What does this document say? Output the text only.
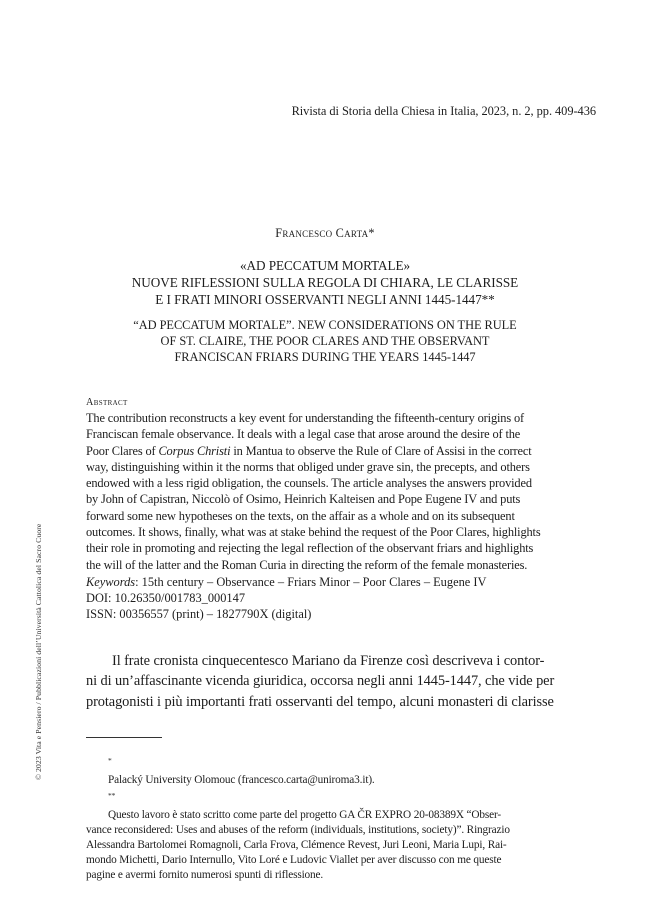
Rivista di Storia della Chiesa in Italia, 2023, n. 2, pp. 409-436
Francesco Carta*
«AD PECCATUM MORTALE»
NUOVE RIFLESSIONI SULLA REGOLA DI CHIARA, LE CLARISSE
E I FRATI MINORI OSSERVANTI NEGLI ANNI 1445-1447**
“AD PECCATUM MORTALE”. NEW CONSIDERATIONS ON THE RULE
OF ST. CLAIRE, THE POOR CLARES AND THE OBSERVANT
FRANCISCAN FRIARS DURING THE YEARS 1445-1447
Abstract
The contribution reconstructs a key event for understanding the fifteenth-century origins of
Franciscan female observance. It deals with a legal case that arose around the desire of the
Poor Clares of Corpus Christi in Mantua to observe the Rule of Clare of Assisi in the correct
way, distinguishing within it the norms that obliged under grave sin, the precepts, and others
endowed with a less rigid obligation, the counsels. The article analyses the answers provided
by John of Capistran, Niccolò of Osimo, Heinrich Kalteisen and Pope Eugene IV and puts
forward some new hypotheses on the texts, on the affair as a whole and on its subsequent
outcomes. It shows, finally, what was at stake behind the request of the Poor Clares, highlights
their role in promoting and rejecting the legal reflection of the observant friars and highlights
the will of the latter and the Roman Curia in directing the reform of the female monasteries.
Keywords: 15th century – Observance – Friars Minor – Poor Clares – Eugene IV
DOI: 10.26350/001783_000147
ISSN: 00356557 (print) – 1827790X (digital)
Il frate cronista cinquecentesco Mariano da Firenze così descriveva i contor-
ni di un’affascinante vicenda giuridica, occorsa negli anni 1445-1447, che vide per
protagonisti i più importanti frati osservanti del tempo, alcuni monasteri di clarisse
*
Palacký University Olomouc (francesco.carta@uniroma3.it).
**
Questo lavoro è stato scritto come parte del progetto GA ČR EXPRO 20-08389X “Obser-
vance reconsidered: Uses and abuses of the reform (individuals, institutions, society)”. Ringrazio
Alessandra Bartolomei Romagnoli, Carla Frova, Clémence Revest, Juri Leoni, Maria Lupi, Rai-
mondo Michetti, Dario Internullo, Vito Loré e Ludovic Viallet per aver discusso con me queste
pagine e avermi fornito numerosi spunti di riflessione.
© 2023 Vita e Pensiero / Pubblicazioni dell’Università Cattolica del Sacro Cuore
